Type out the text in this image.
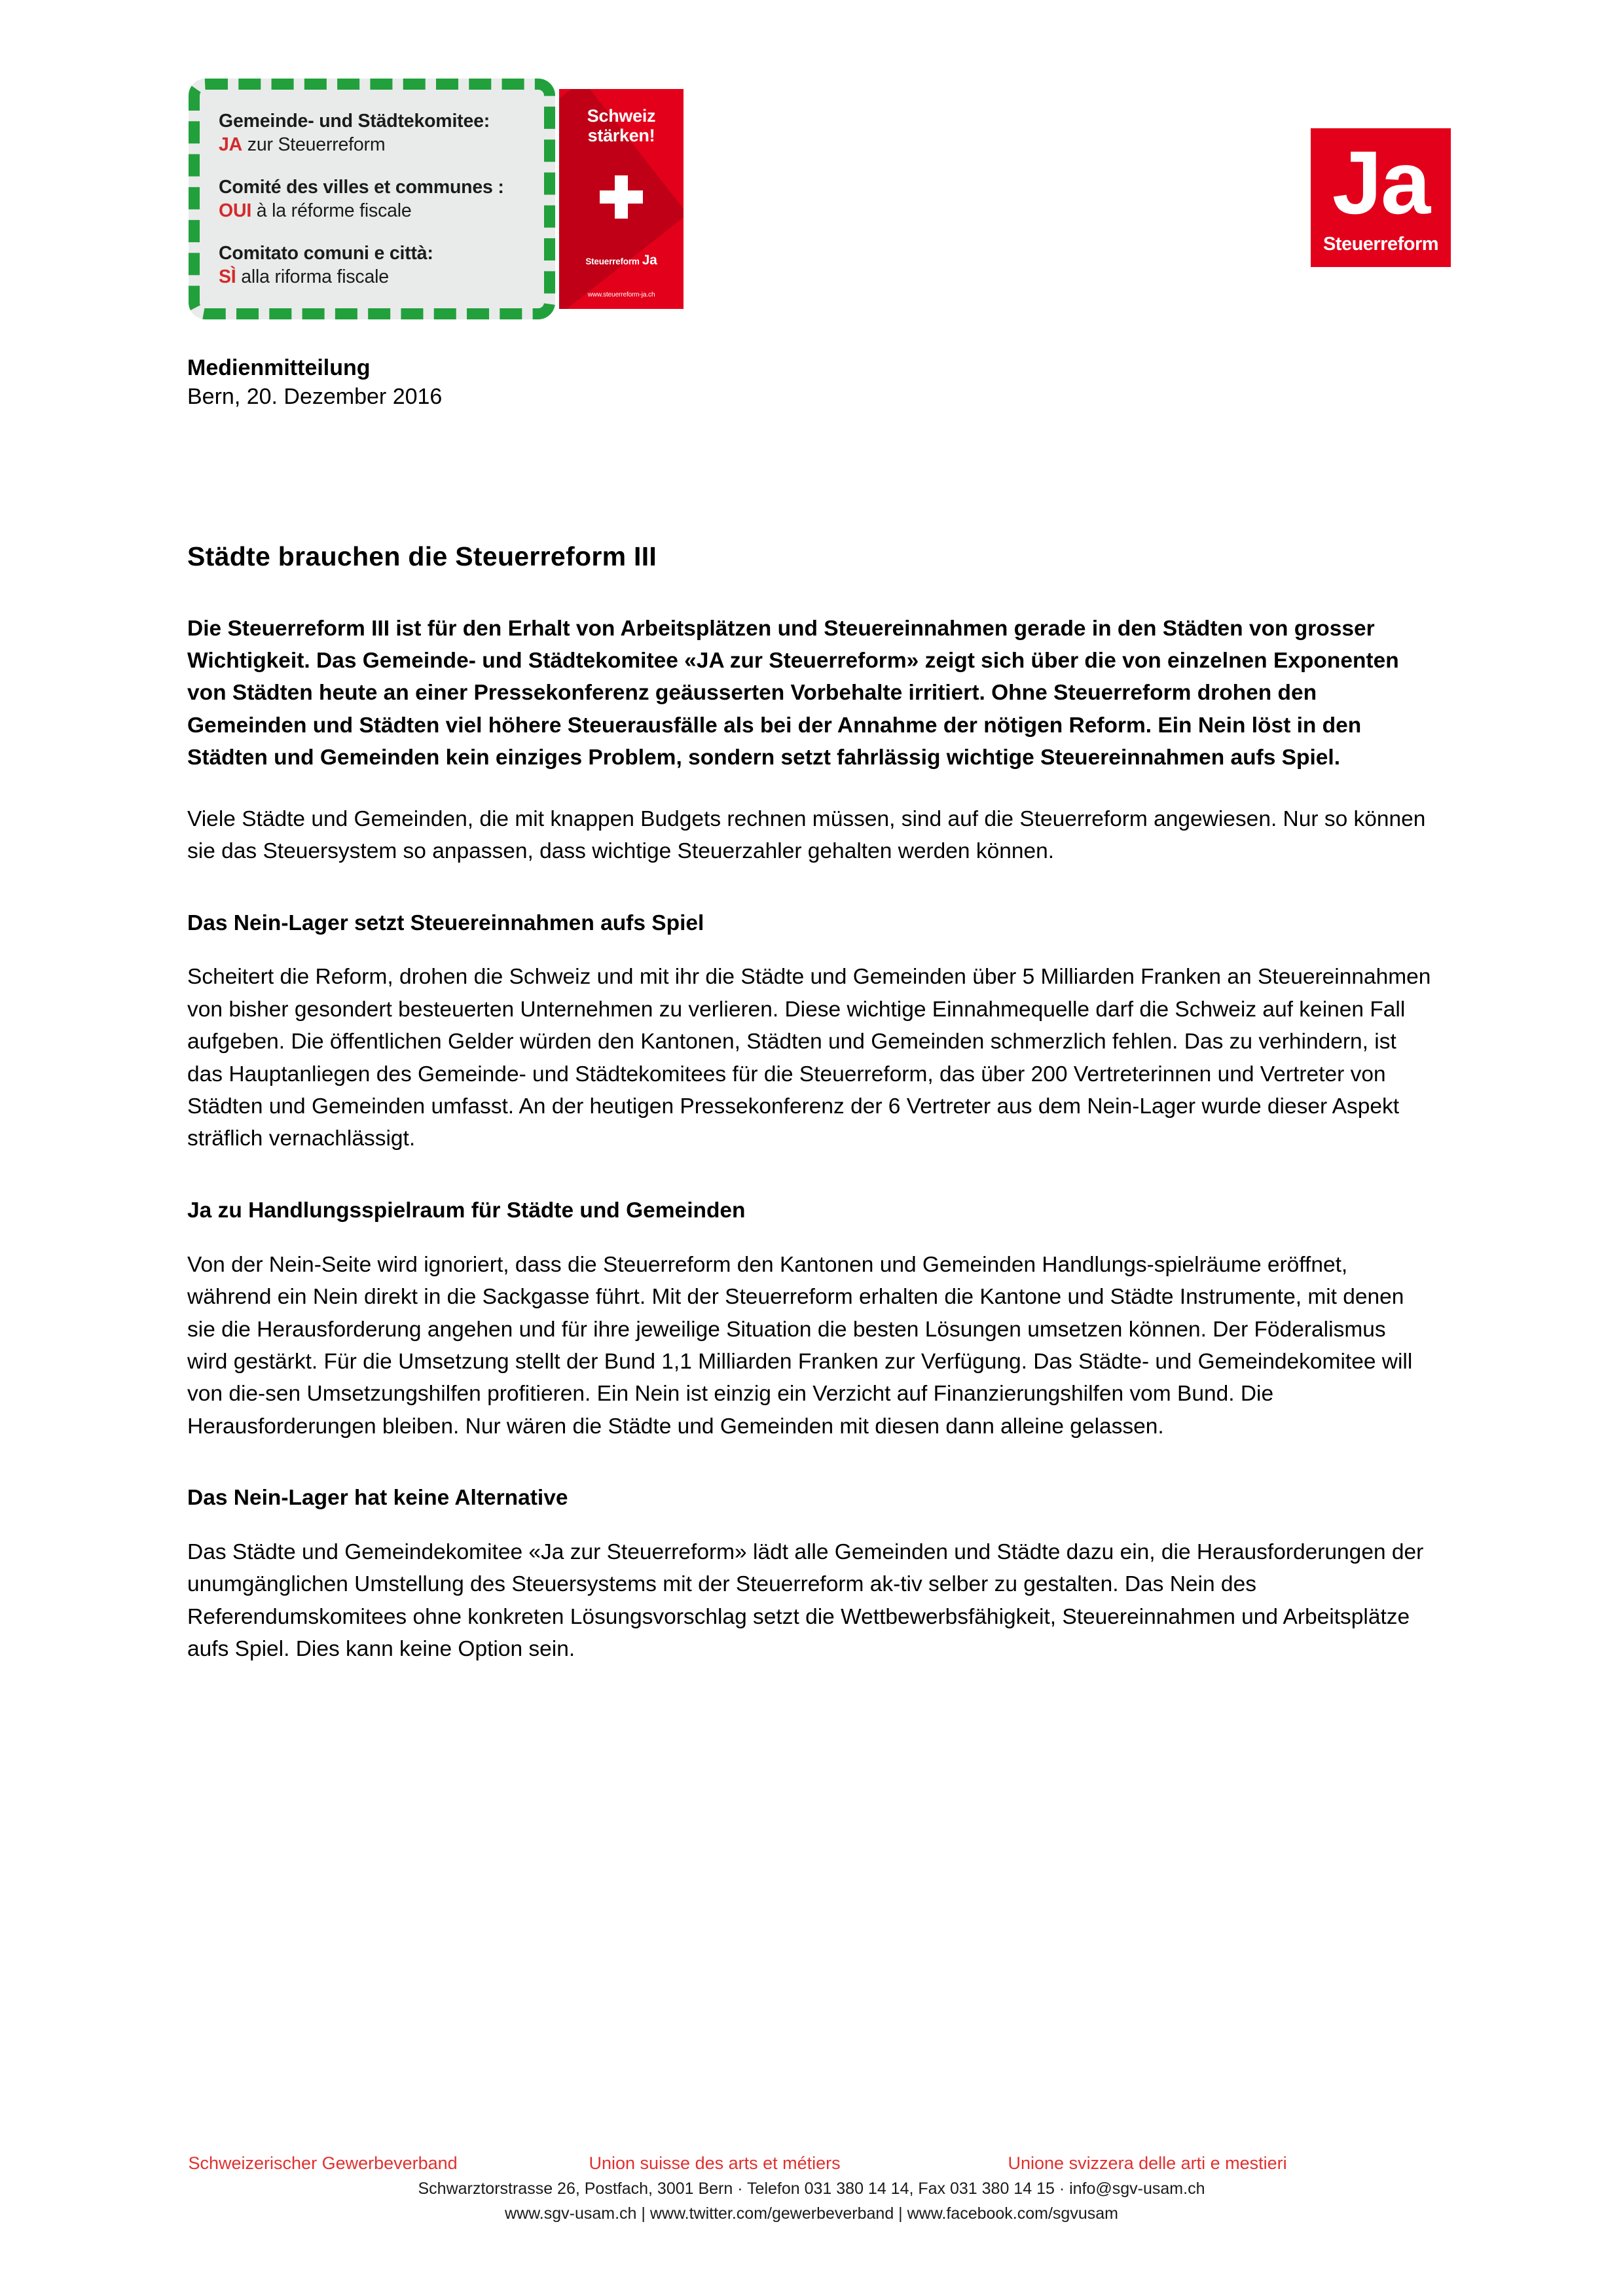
Gemeinde- und Städtekomitee:
JA zur Steuerreform
Comité des villes et communes :
OUI à la réforme fiscale
Comitato comuni e città:
SÌ alla riforma fiscale
Schweiz
stärken!
Steuerreform Ja
www.steuerreform-ja.ch
Ja
Steuerreform

Medienmitteilung

Bern, 20. Dezember 2016

Städte brauchen die Steuerreform III

Die Steuerreform III ist für den Erhalt von Arbeitsplätzen und Steuereinnahmen gerade in den Städten von grosser Wichtigkeit. Das Gemeinde- und Städtekomitee «JA zur Steuerreform» zeigt sich über die von einzelnen Exponenten von Städten heute an einer Pressekonferenz geäusserten Vorbehalte irritiert. Ohne Steuerreform drohen den Gemeinden und Städten viel höhere Steuerausfälle als bei der Annahme der nötigen Reform. Ein Nein löst in den Städten und Gemeinden kein einziges Problem, sondern setzt fahrlässig wichtige Steuereinnahmen aufs Spiel.

Viele Städte und Gemeinden, die mit knappen Budgets rechnen müssen, sind auf die Steuerreform angewiesen. Nur so können sie das Steuersystem so anpassen, dass wichtige Steuerzahler gehalten werden können.

Das Nein-Lager setzt Steuereinnahmen aufs Spiel

Scheitert die Reform, drohen die Schweiz und mit ihr die Städte und Gemeinden über 5 Milliarden Franken an Steuereinnahmen von bisher gesondert besteuerten Unternehmen zu verlieren. Diese wichtige Einnahmequelle darf die Schweiz auf keinen Fall aufgeben. Die öffentlichen Gelder würden den Kantonen, Städten und Gemeinden schmerzlich fehlen. Das zu verhindern, ist das Hauptanliegen des Gemeinde- und Städtekomitees für die Steuerreform, das über 200 Vertreterinnen und Vertreter von Städten und Gemeinden umfasst. An der heutigen Pressekonferenz der 6 Vertreter aus dem Nein-Lager wurde dieser Aspekt sträflich vernachlässigt.

Ja zu Handlungsspielraum für Städte und Gemeinden

Von der Nein-Seite wird ignoriert, dass die Steuerreform den Kantonen und Gemeinden Handlungs-spielräume eröffnet, während ein Nein direkt in die Sackgasse führt. Mit der Steuerreform erhalten die Kantone und Städte Instrumente, mit denen sie die Herausforderung angehen und für ihre jeweilige Situation die besten Lösungen umsetzen können. Der Föderalismus wird gestärkt. Für die Umsetzung stellt der Bund 1,1 Milliarden Franken zur Verfügung. Das Städte- und Gemeindekomitee will von die-sen Umsetzungshilfen profitieren. Ein Nein ist einzig ein Verzicht auf Finanzierungshilfen vom Bund. Die Herausforderungen bleiben. Nur wären die Städte und Gemeinden mit diesen dann alleine gelassen.

Das Nein-Lager hat keine Alternative

Das Städte und Gemeindekomitee «Ja zur Steuerreform» lädt alle Gemeinden und Städte dazu ein, die Herausforderungen der unumgänglichen Umstellung des Steuersystems mit der Steuerreform ak-tiv selber zu gestalten. Das Nein des Referendumskomitees ohne konkreten Lösungsvorschlag setzt die Wettbewerbsfähigkeit, Steuereinnahmen und Arbeitsplätze aufs Spiel. Dies kann keine Option sein.

Schweizerischer Gewerbeverband	Union suisse des arts et métiers	Unione svizzera delle arti e mestieri
Schwarztorstrasse 26, Postfach, 3001 Bern · Telefon 031 380 14 14, Fax 031 380 14 15 · info@sgv-usam.ch
www.sgv-usam.ch | www.twitter.com/gewerbeverband | www.facebook.com/sgvusam
